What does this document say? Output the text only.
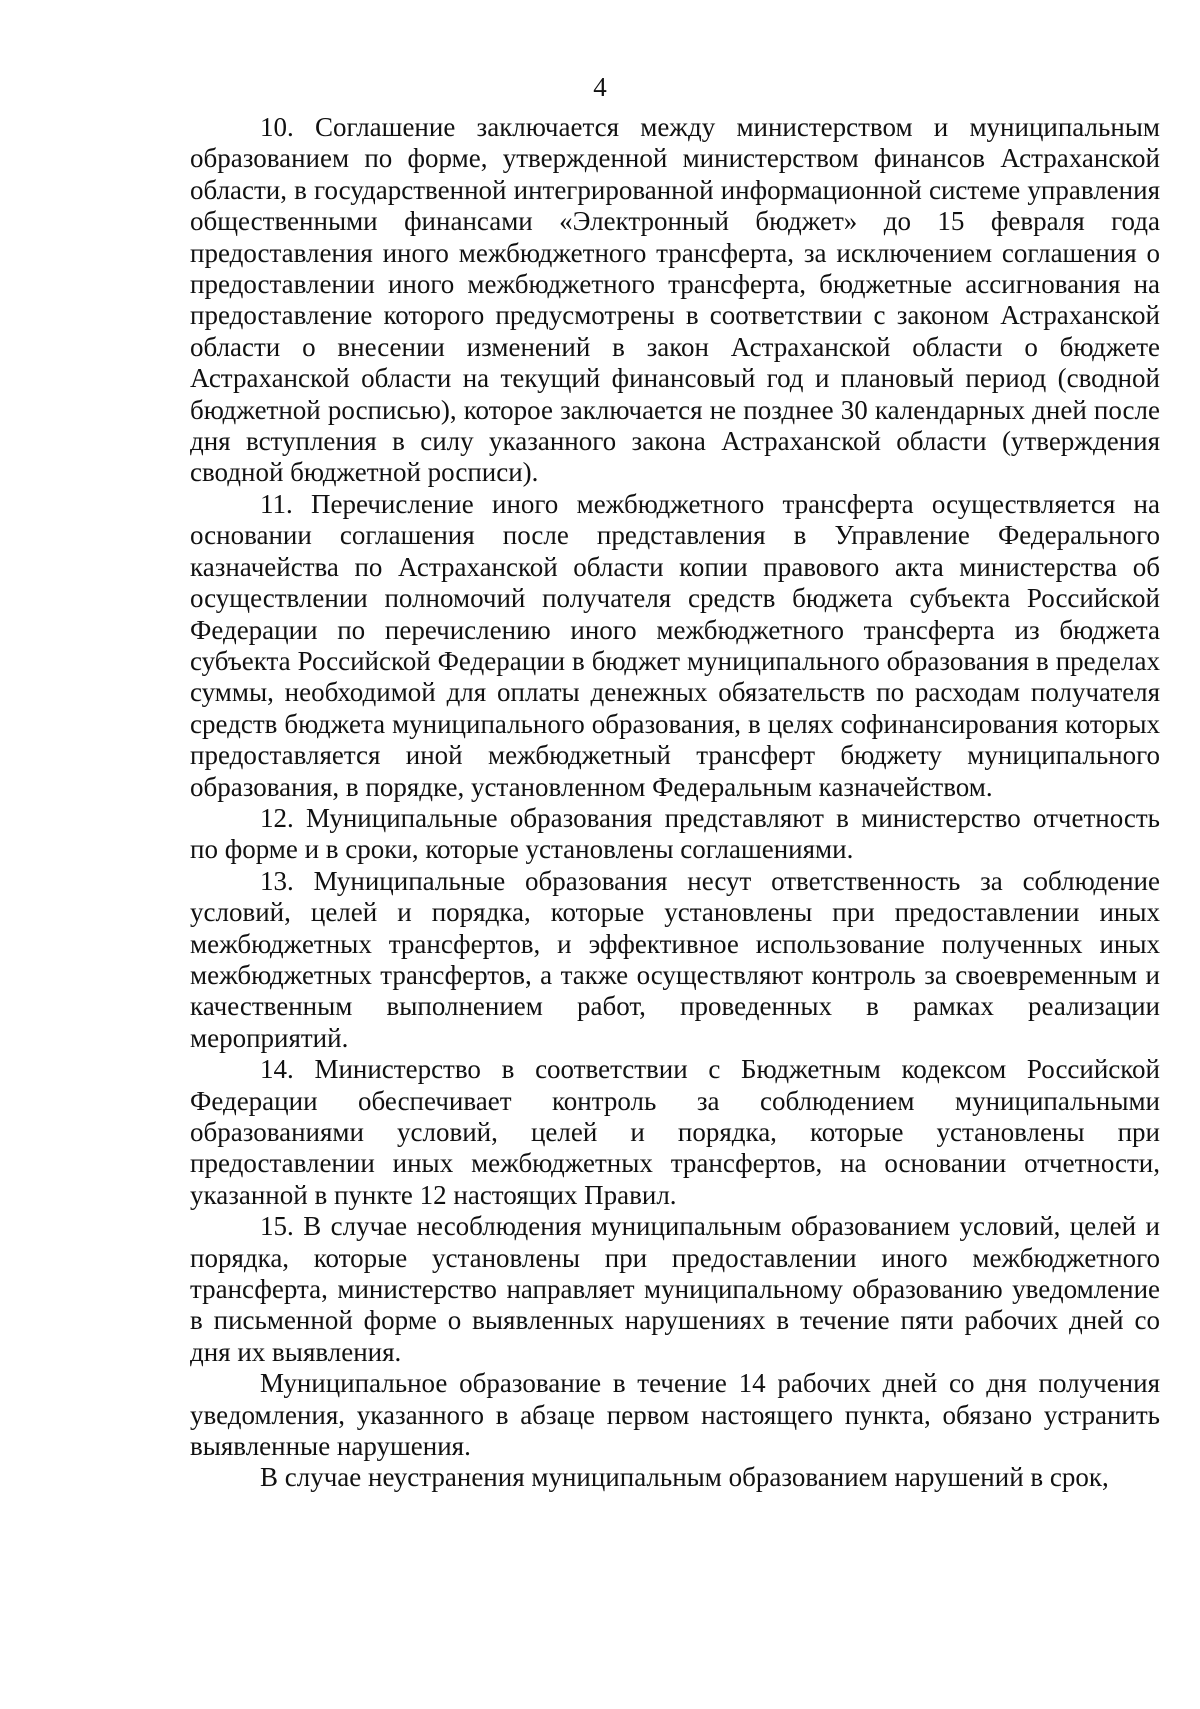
4

10. Соглашение заключается между министерством и муниципальным образованием по форме, утвержденной министерством финансов Астраханской области, в государственной интегрированной информационной системе управления общественными финансами «Электронный бюджет» до 15 февраля года предоставления иного межбюджетного трансферта, за исключением соглашения о предоставлении иного межбюджетного трансферта, бюджетные ассигнования на предоставление которого предусмотрены в соответствии с законом Астраханской области о внесении изменений в закон Астраханской области о бюджете Астраханской области на текущий финансовый год и плановый период (сводной бюджетной росписью), которое заключается не позднее 30 календарных дней после дня вступления в силу указанного закона Астраханской области (утверждения сводной бюджетной росписи).

11. Перечисление иного межбюджетного трансферта осуществляется на основании соглашения после представления в Управление Федерального казначейства по Астраханской области копии правового акта министерства об осуществлении полномочий получателя средств бюджета субъекта Российской Федерации по перечислению иного межбюджетного трансферта из бюджета субъекта Российской Федерации в бюджет муниципального образования в пределах суммы, необходимой для оплаты денежных обязательств по расходам получателя средств бюджета муниципального образования, в целях софинансирования которых предоставляется иной межбюджетный трансферт бюджету муниципального образования, в порядке, установленном Федеральным казначейством.

12. Муниципальные образования представляют в министерство отчетность по форме и в сроки, которые установлены соглашениями.

13. Муниципальные образования несут ответственность за соблюдение условий, целей и порядка, которые установлены при предоставлении иных межбюджетных трансфертов, и эффективное использование полученных иных межбюджетных трансфертов, а также осуществляют контроль за своевременным и качественным выполнением работ, проведенных в рамках реализации мероприятий.

14. Министерство в соответствии с Бюджетным кодексом Российской Федерации обеспечивает контроль за соблюдением муниципальными образованиями условий, целей и порядка, которые установлены при предоставлении иных межбюджетных трансфертов, на основании отчетности, указанной в пункте 12 настоящих Правил.

15. В случае несоблюдения муниципальным образованием условий, целей и порядка, которые установлены при предоставлении иного межбюджетного трансферта, министерство направляет муниципальному образованию уведомление в письменной форме о выявленных нарушениях в течение пяти рабочих дней со дня их выявления.

Муниципальное образование в течение 14 рабочих дней со дня получения уведомления, указанного в абзаце первом настоящего пункта, обязано устранить выявленные нарушения.

В случае неустранения муниципальным образованием нарушений в срок,
